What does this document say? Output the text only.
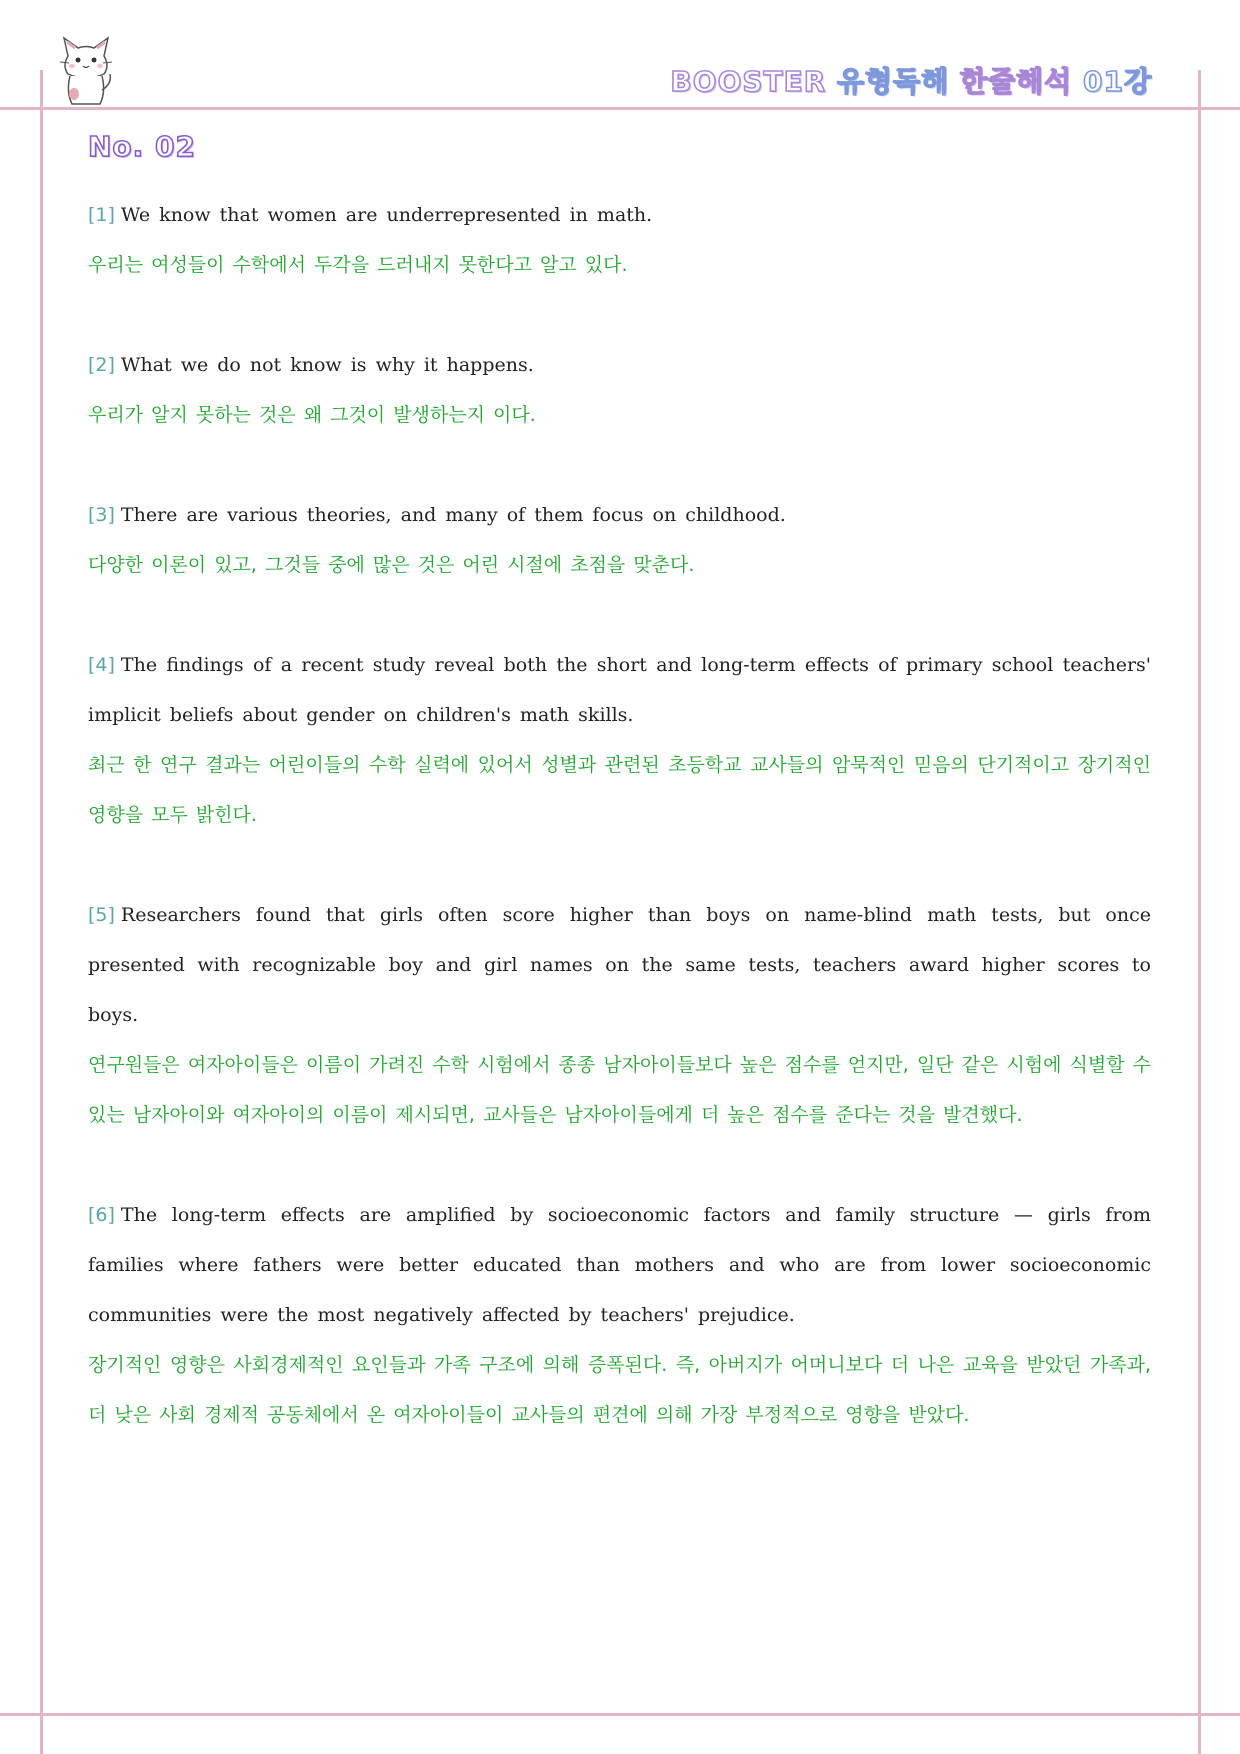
BOOSTER 유형독해 한줄해석 01강
No. 02

[1] We know that women are underrepresented in math.

우리는 여성들이 수학에서 두각을 드러내지 못한다고 알고 있다.

[2] What we do not know is why it happens.

우리가 알지 못하는 것은 왜 그것이 발생하는지 이다.

[3] There are various theories, and many of them focus on childhood.

다양한 이론이 있고, 그것들 중에 많은 것은 어린 시절에 초점을 맞춘다.

[4] The findings of a recent study reveal both the short and long-term effects of primary school teachers' implicit beliefs about gender on children's math skills.

최근 한 연구 결과는 어린이들의 수학 실력에 있어서 성별과 관련된 초등학교 교사들의 암묵적인 믿음의 단기적이고 장기적인 영향을 모두 밝힌다.

[5] Researchers found that girls often score higher than boys on name-blind math tests, but once presented with recognizable boy and girl names on the same tests, teachers award higher scores to boys.

연구원들은 여자아이들은 이름이 가려진 수학 시험에서 종종 남자아이들보다 높은 점수를 얻지만, 일단 같은 시험에 식별할 수 있는 남자아이와 여자아이의 이름이 제시되면, 교사들은 남자아이들에게 더 높은 점수를 준다는 것을 발견했다.

[6] The long-term effects are amplified by socioeconomic factors and family structure — girls from families where fathers were better educated than mothers and who are from lower socioeconomic communities were the most negatively affected by teachers' prejudice.

장기적인 영향은 사회경제적인 요인들과 가족 구조에 의해 증폭된다. 즉, 아버지가 어머니보다 더 나은 교육을 받았던 가족과, 더 낮은 사회 경제적 공동체에서 온 여자아이들이 교사들의 편견에 의해 가장 부정적으로 영향을 받았다.
